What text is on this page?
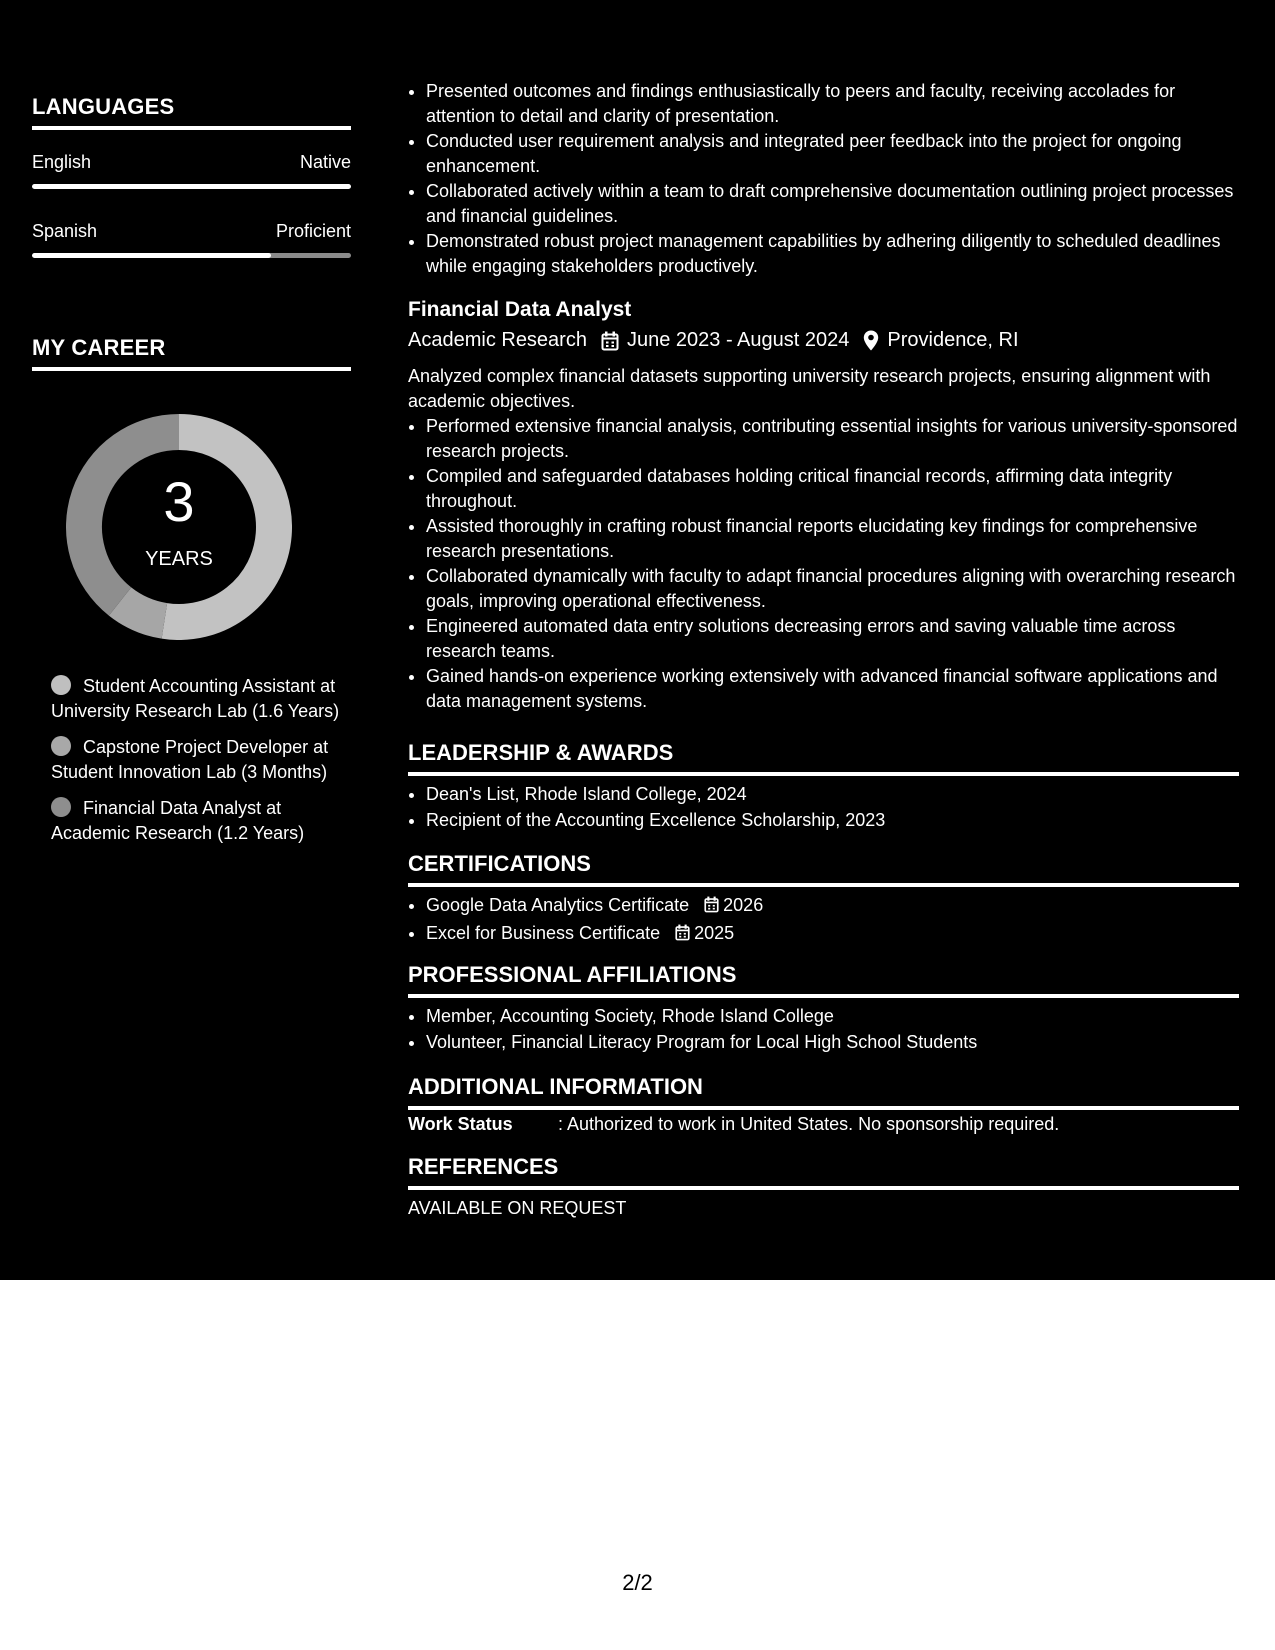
LANGUAGES
English	Native
Spanish	Proficient
MY CAREER
3
YEARS
Student Accounting Assistant at University Research Lab (1.6 Years)
Capstone Project Developer at Student Innovation Lab (3 Months)
Financial Data Analyst at Academic Research (1.2 Years)
• Presented outcomes and findings enthusiastically to peers and faculty, receiving accolades for attention to detail and clarity of presentation.
• Conducted user requirement analysis and integrated peer feedback into the project for ongoing enhancement.
• Collaborated actively within a team to draft comprehensive documentation outlining project processes and financial guidelines.
• Demonstrated robust project management capabilities by adhering diligently to scheduled deadlines while engaging stakeholders productively.
Financial Data Analyst
Academic Research June 2023 - August 2024 Providence, RI
Analyzed complex financial datasets supporting university research projects, ensuring alignment with academic objectives.
• Performed extensive financial analysis, contributing essential insights for various university-sponsored research projects.
• Compiled and safeguarded databases holding critical financial records, affirming data integrity throughout.
• Assisted thoroughly in crafting robust financial reports elucidating key findings for comprehensive research presentations.
• Collaborated dynamically with faculty to adapt financial procedures aligning with overarching research goals, improving operational effectiveness.
• Engineered automated data entry solutions decreasing errors and saving valuable time across research teams.
• Gained hands-on experience working extensively with advanced financial software applications and data management systems.
LEADERSHIP & AWARDS
• Dean's List, Rhode Island College, 2024
• Recipient of the Accounting Excellence Scholarship, 2023
CERTIFICATIONS
• Google Data Analytics Certificate 2026
• Excel for Business Certificate 2025
PROFESSIONAL AFFILIATIONS
• Member, Accounting Society, Rhode Island College
• Volunteer, Financial Literacy Program for Local High School Students
ADDITIONAL INFORMATION
Work Status	: Authorized to work in United States. No sponsorship required.
REFERENCES
AVAILABLE ON REQUEST
2/2
